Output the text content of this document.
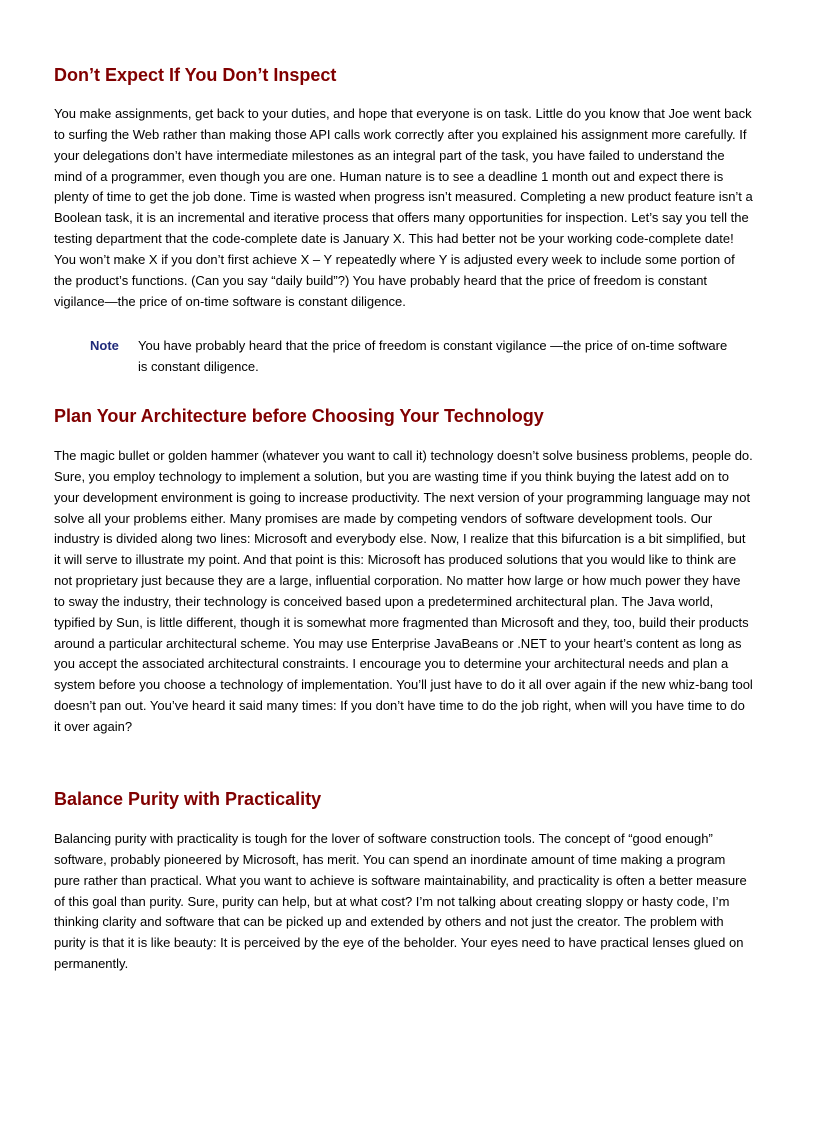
Don’t Expect If You Don’t Inspect

You make assignments, get back to your duties, and hope that everyone is on task. Little do you know that Joe went back to surfing the Web rather than making those API calls work correctly after you explained his assignment more carefully. If your delegations don’t have intermediate milestones as an integral part of the task, you have failed to understand the mind of a programmer, even though you are one. Human nature is to see a deadline 1 month out and expect there is plenty of time to get the job done. Time is wasted when progress isn’t measured. Completing a new product feature isn’t a Boolean task, it is an incremental and iterative process that offers many opportunities for inspection. Let’s say you tell the testing department that the code-complete date is January X. This had better not be your working code-complete date! You won’t make X if you don’t first achieve X – Y repeatedly where Y is adjusted every week to include some portion of the product’s functions. (Can you say “daily build”?) You have probably heard that the price of freedom is constant vigilance—the price of on-time software is constant diligence.

Note	You have probably heard that the price of freedom is constant vigilance —the price of on-time software is constant diligence.
Plan Your Architecture before Choosing Your Technology

The magic bullet or golden hammer (whatever you want to call it) technology doesn’t solve business problems, people do. Sure, you employ technology to implement a solution, but you are wasting time if you think buying the latest add on to your development environment is going to increase productivity. The next version of your programming language may not solve all your problems either. Many promises are made by competing vendors of software development tools. Our industry is divided along two lines: Microsoft and everybody else. Now, I realize that this bifurcation is a bit simplified, but it will serve to illustrate my point. And that point is this: Microsoft has produced solutions that you would like to think are not proprietary just because they are a large, influential corporation. No matter how large or how much power they have to sway the industry, their technology is conceived based upon a predetermined architectural plan. The Java world, typified by Sun, is little different, though it is somewhat more fragmented than Microsoft and they, too, build their products around a particular architectural scheme. You may use Enterprise JavaBeans or .NET to your heart’s content as long as you accept the associated architectural constraints. I encourage you to determine your architectural needs and plan a system before you choose a technology of implementation. You’ll just have to do it all over again if the new whiz-bang tool doesn’t pan out. You’ve heard it said many times: If you don’t have time to do the job right, when will you have time to do it over again?

Balance Purity with Practicality

Balancing purity with practicality is tough for the lover of software construction tools. The concept of “good enough” software, probably pioneered by Microsoft, has merit. You can spend an inordinate amount of time making a program pure rather than practical. What you want to achieve is software maintainability, and practicality is often a better measure of this goal than purity. Sure, purity can help, but at what cost? I’m not talking about creating sloppy or hasty code, I’m thinking clarity and software that can be picked up and extended by others and not just the creator. The problem with purity is that it is like beauty: It is perceived by the eye of the beholder. Your eyes need to have practical lenses glued on permanently.
